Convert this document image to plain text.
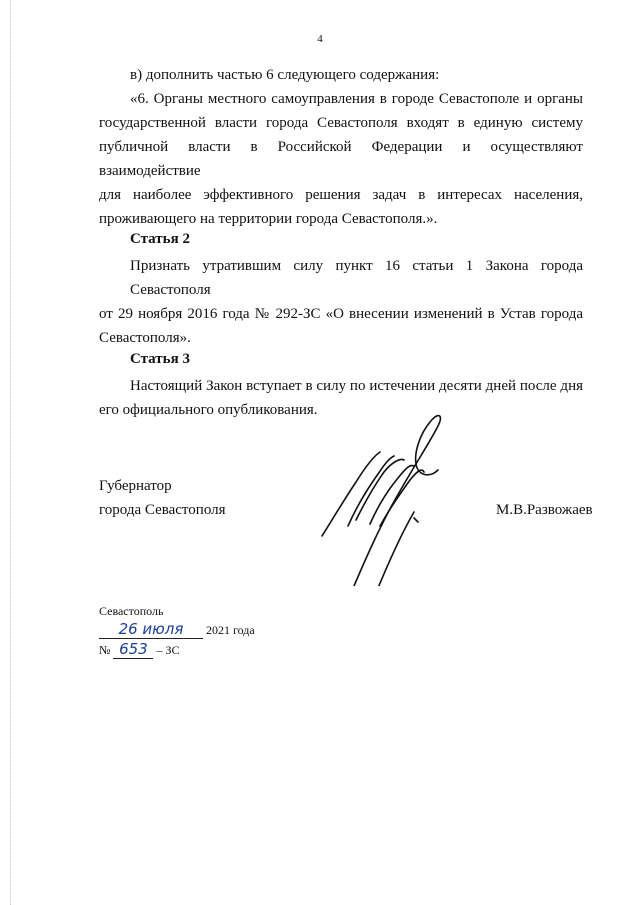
4
в) дополнить частью 6 следующего содержания:
«6. Органы местного самоуправления в городе Севастополе и органы
государственной власти города Севастополя входят в единую систему
публичной власти в Российской Федерации и осуществляют взаимодействие
для наиболее эффективного решения задач в интересах населения,
проживающего на территории города Севастополя.».
Статья 2
Признать утратившим силу пункт 16 статьи 1 Закона города Севастополя
от 29 ноября 2016 года № 292-ЗС «О внесении изменений в Устав города
Севастополя».
Статья 3
Настоящий Закон вступает в силу по истечении десяти дней после дня
его официального опубликования.
Губернатор
города Севастополя	М.В.Развожаев
Севастополь
26 июля 2021 года
№ 653 – ЗС
